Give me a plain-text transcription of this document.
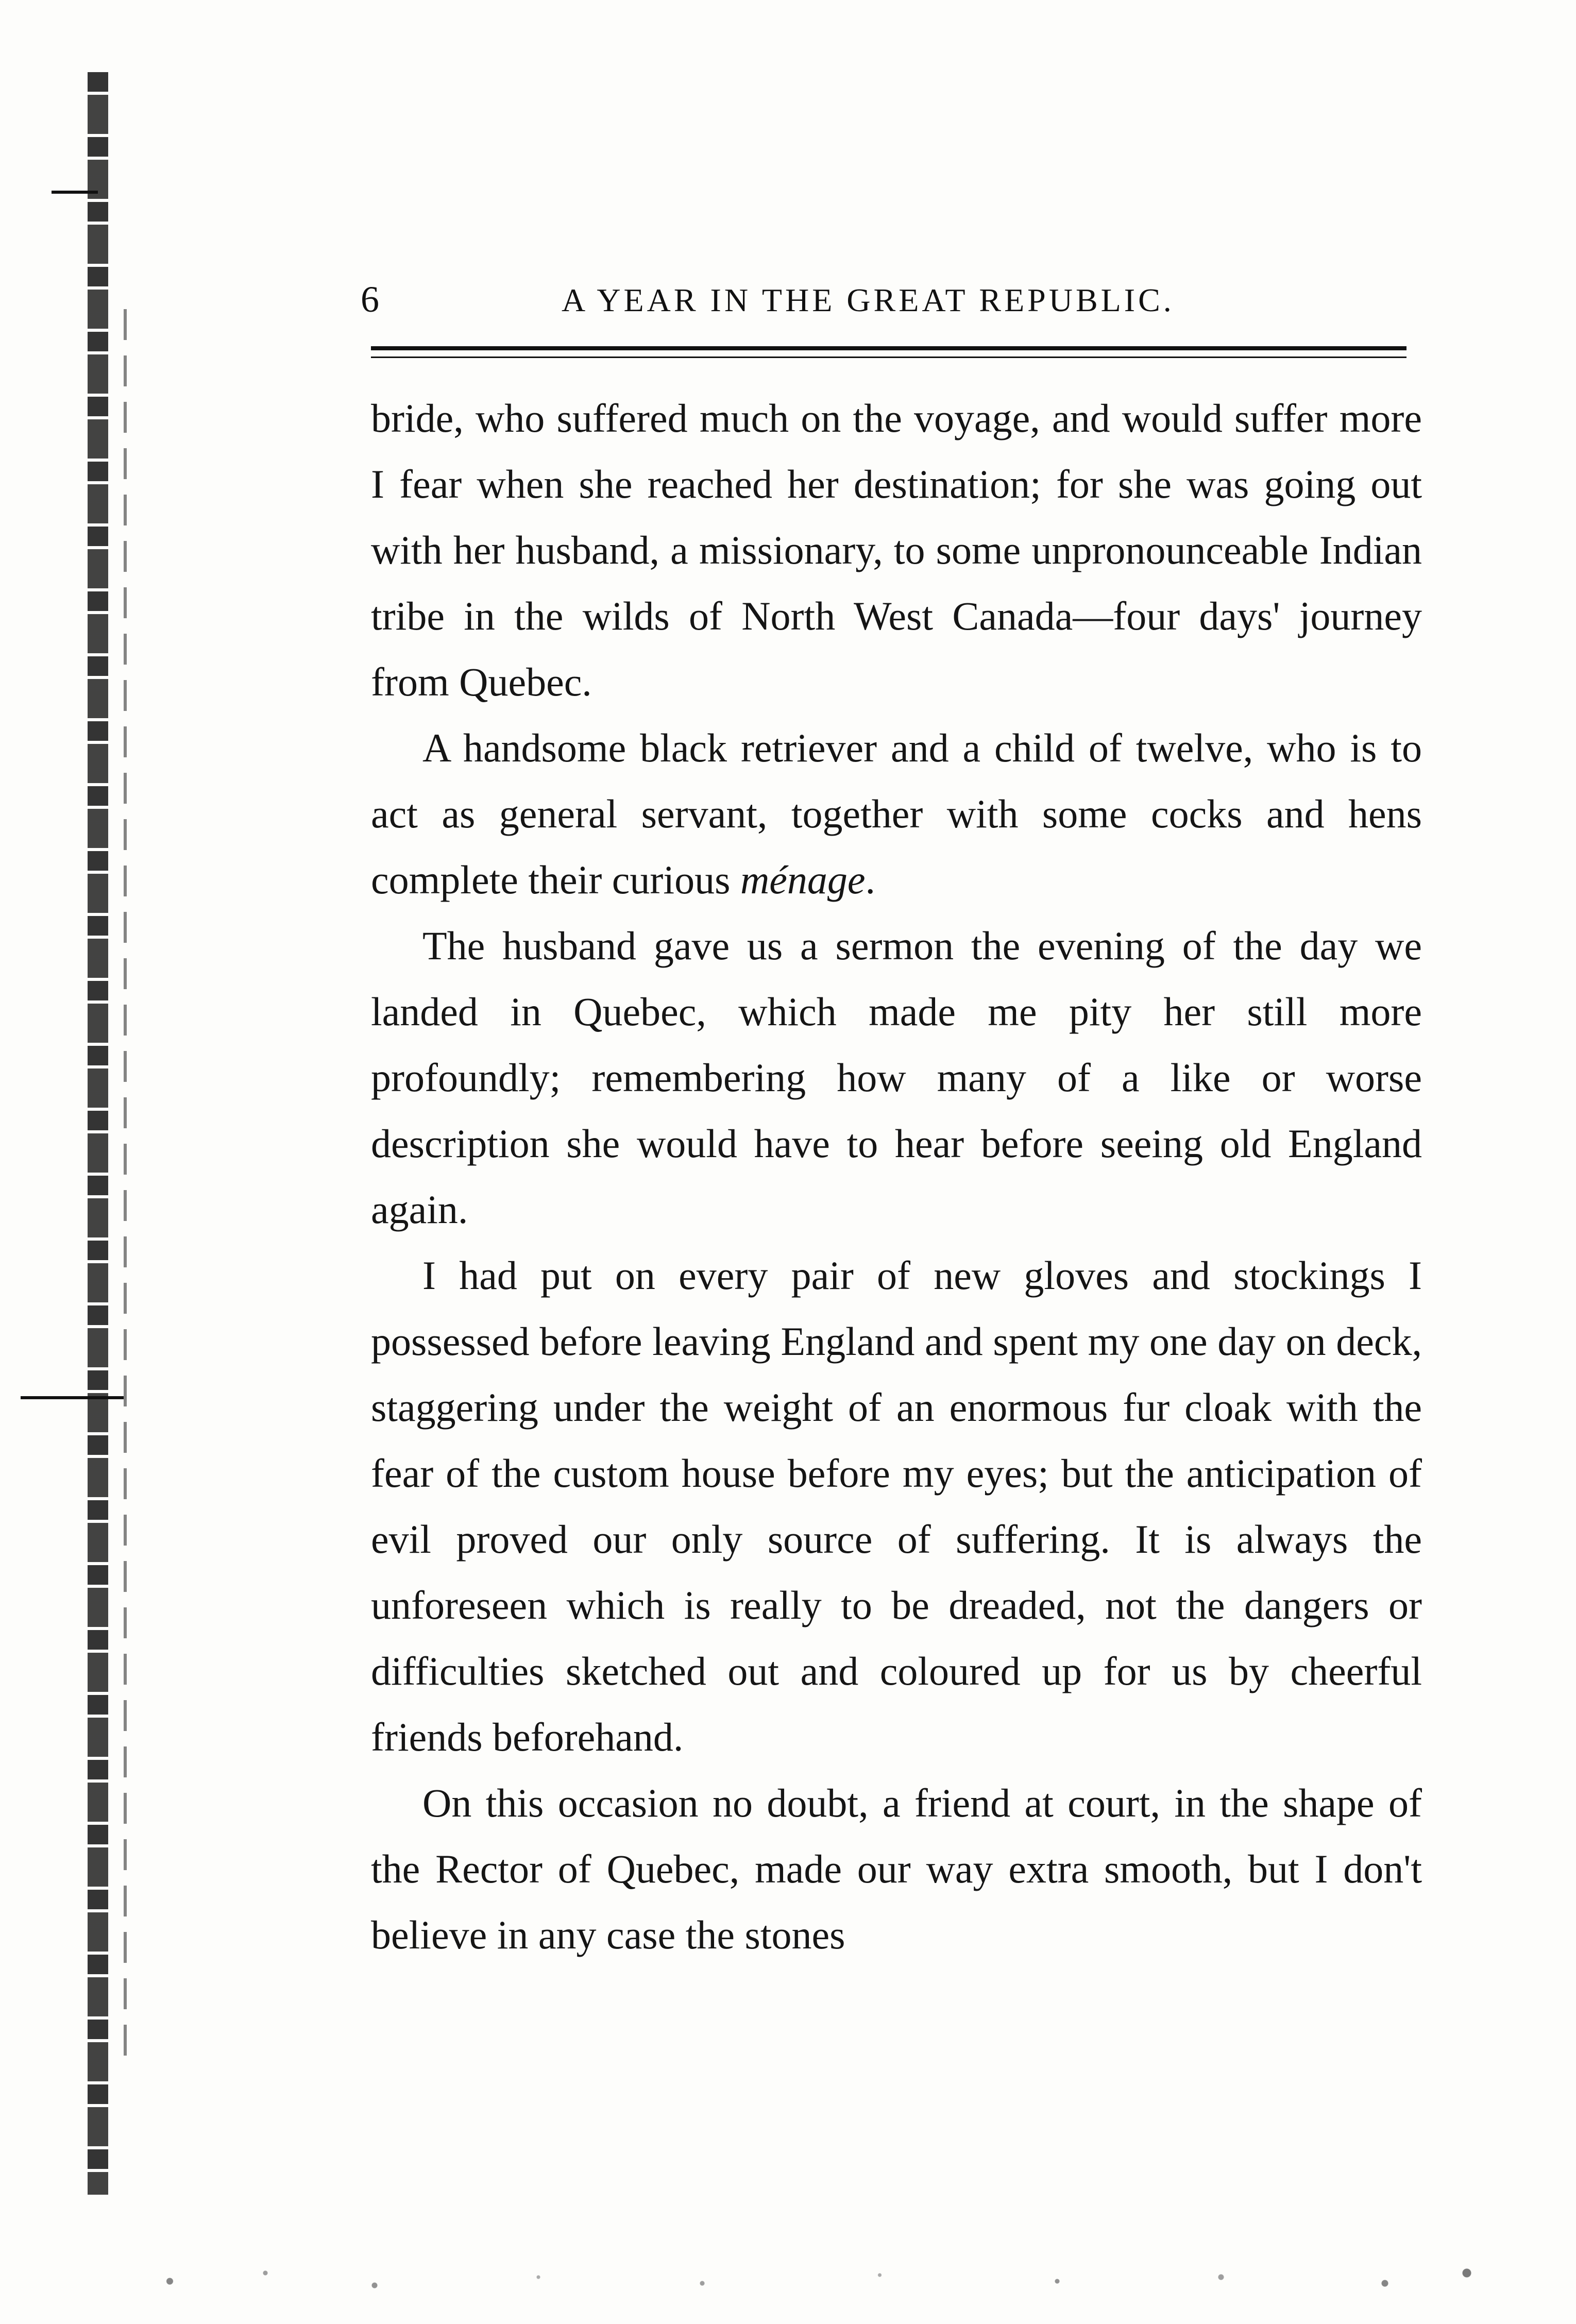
6	A YEAR IN THE GREAT REPUBLIC.

bride, who suffered much on the voyage, and would suffer more I fear when she reached her destination; for she was going out with her husband, a missionary, to some unpronounceable Indian tribe in the wilds of North West Canada—four days' journey from Quebec.

A handsome black retriever and a child of twelve, who is to act as general servant, together with some cocks and hens complete their curious ménage.

The husband gave us a sermon the evening of the day we landed in Quebec, which made me pity her still more profoundly; remembering how many of a like or worse description she would have to hear before seeing old England again.

I had put on every pair of new gloves and stockings I possessed before leaving England and spent my one day on deck, staggering under the weight of an enormous fur cloak with the fear of the custom house before my eyes; but the anticipation of evil proved our only source of suffering. It is always the unforeseen which is really to be dreaded, not the dangers or difficulties sketched out and coloured up for us by cheerful friends beforehand.

On this occasion no doubt, a friend at court, in the shape of the Rector of Quebec, made our way extra smooth, but I don't believe in any case the stones
